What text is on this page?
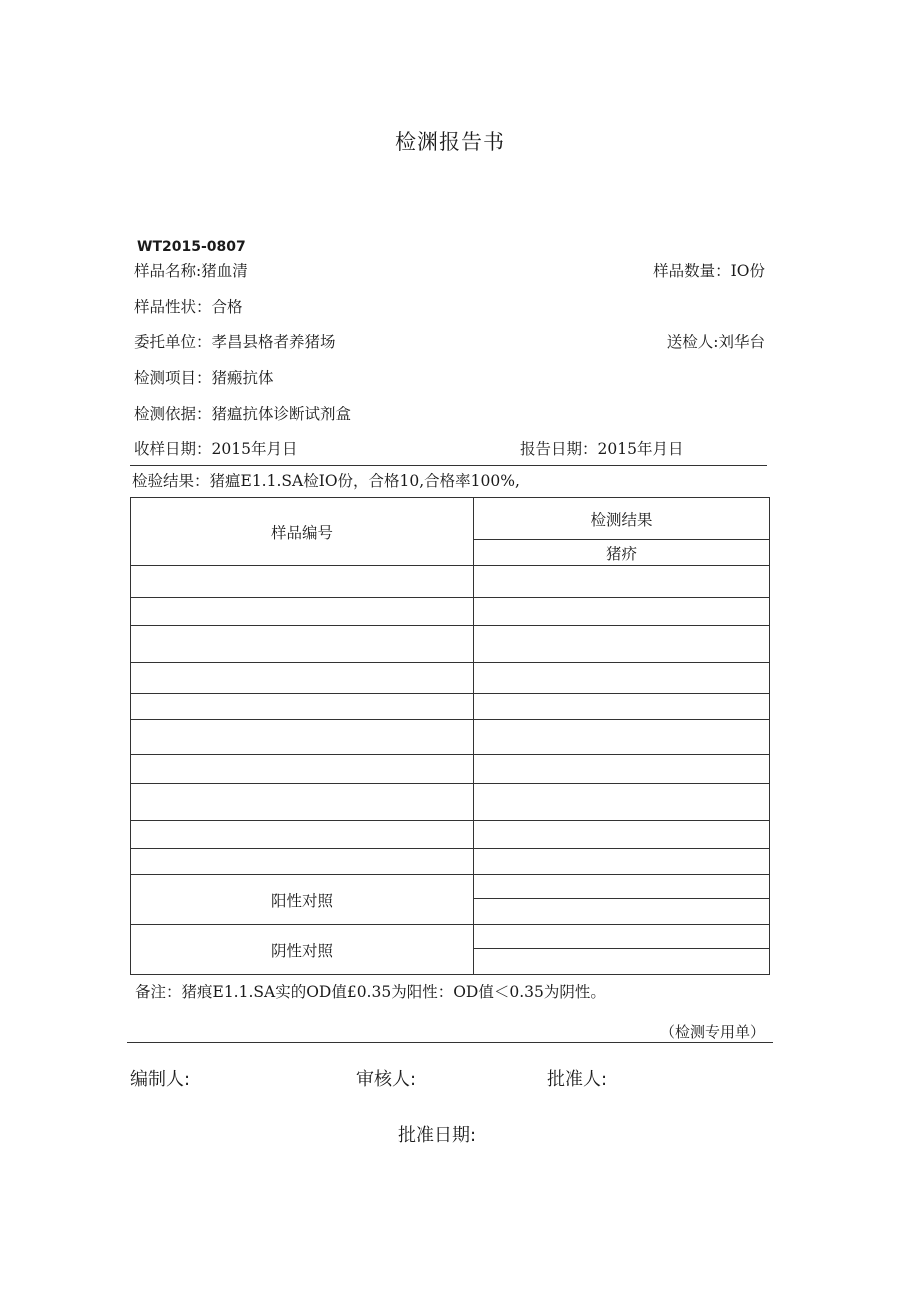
检渊报告书
WT2015-0807
样品名称:猪血清	样品数量：IO份
样品性状：合格
委托单位：孝昌县格者养猪场	送检人:刘华台
检测项目：猪瘢抗体
检测依据：猪瘟抗体诊断试剂盒
收样日期：2015年月日	报告日期：2015年月日
检验结果：猪瘟E1.1.SA检IO份，合格10,合格率100%,
样品编号	检测结果
	猪疥

阳性对照	

阴性对照	

备注：猪痕E1.1.SA实的OD值£0.35为阳性：OD值＜0.35为阴性。
（检测专用单）
编制人:	审核人:	批准人:
批准日期:
